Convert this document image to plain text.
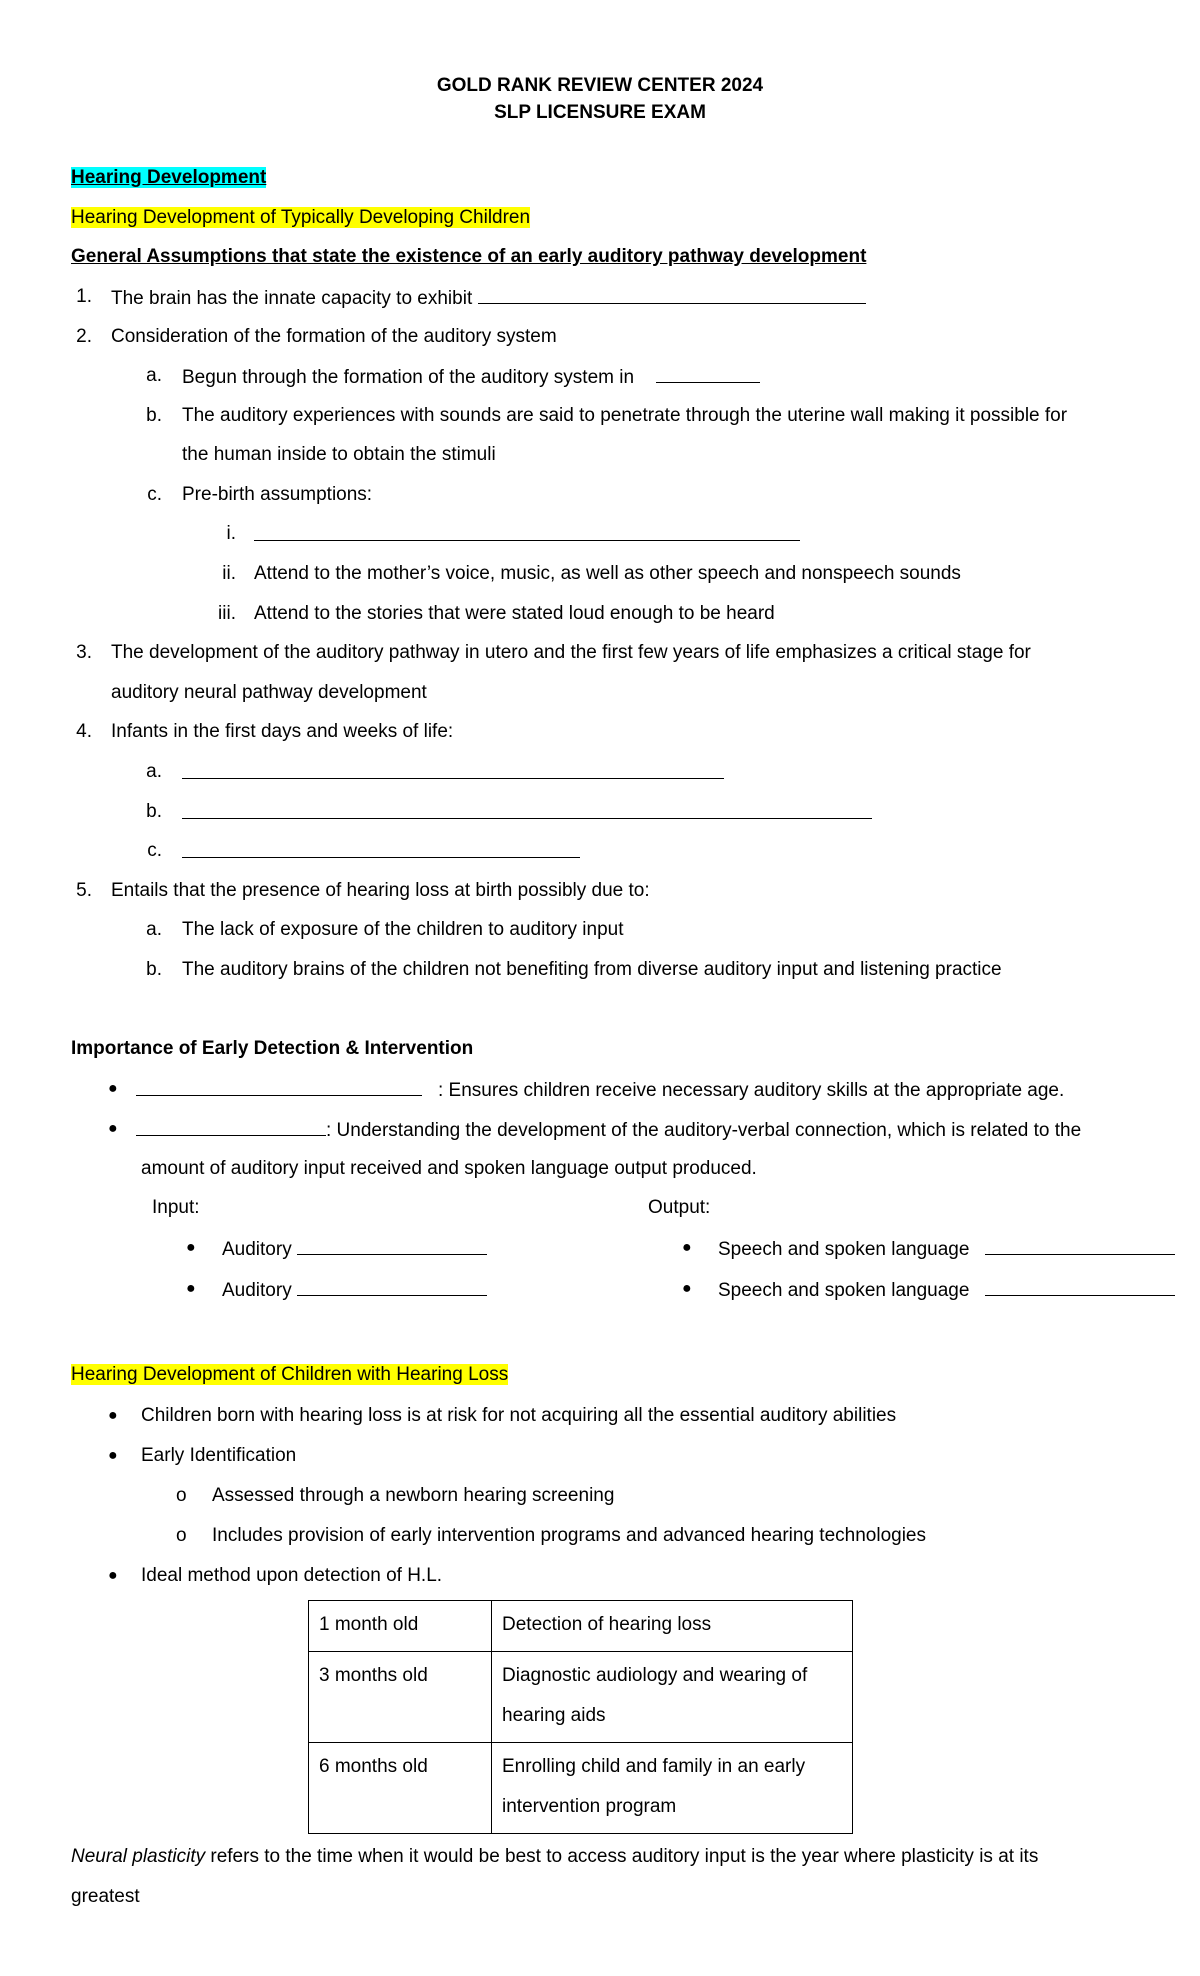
GOLD RANK REVIEW CENTER 2024
SLP LICENSURE EXAM
Hearing Development
Hearing Development of Typically Developing Children
General Assumptions that state the existence of an early auditory pathway development
1. The brain has the innate capacity to exhibit
2. Consideration of the formation of the auditory system
a. Begun through the formation of the auditory system in
b. The auditory experiences with sounds are said to penetrate through the uterine wall making it possible for
the human inside to obtain the stimuli
c. Pre-birth assumptions:
i.
ii. Attend to the mother’s voice, music, as well as other speech and nonspeech sounds
iii. Attend to the stories that were stated loud enough to be heard
3. The development of the auditory pathway in utero and the first few years of life emphasizes a critical stage for
auditory neural pathway development
4. Infants in the first days and weeks of life:
a.
b.
c.
5. Entails that the presence of hearing loss at birth possibly due to:
a. The lack of exposure of the children to auditory input
b. The auditory brains of the children not benefiting from diverse auditory input and listening practice
Importance of Early Detection & Intervention
●	: Ensures children receive necessary auditory skills at the appropriate age.
●	: Understanding the development of the auditory-verbal connection, which is related to the
amount of auditory input received and spoken language output produced.
Input:	Output:
● Auditory	● Speech and spoken language
● Auditory	● Speech and spoken language
Hearing Development of Children with Hearing Loss
● Children born with hearing loss is at risk for not acquiring all the essential auditory abilities
● Early Identification
o Assessed through a newborn hearing screening
o Includes provision of early intervention programs and advanced hearing technologies
● Ideal method upon detection of H.L.
1 month old	Detection of hearing loss
3 months old	Diagnostic audiology and wearing of hearing aids
6 months old	Enrolling child and family in an early intervention program
Neural plasticity refers to the time when it would be best to access auditory input is the year where plasticity is at its
greatest
